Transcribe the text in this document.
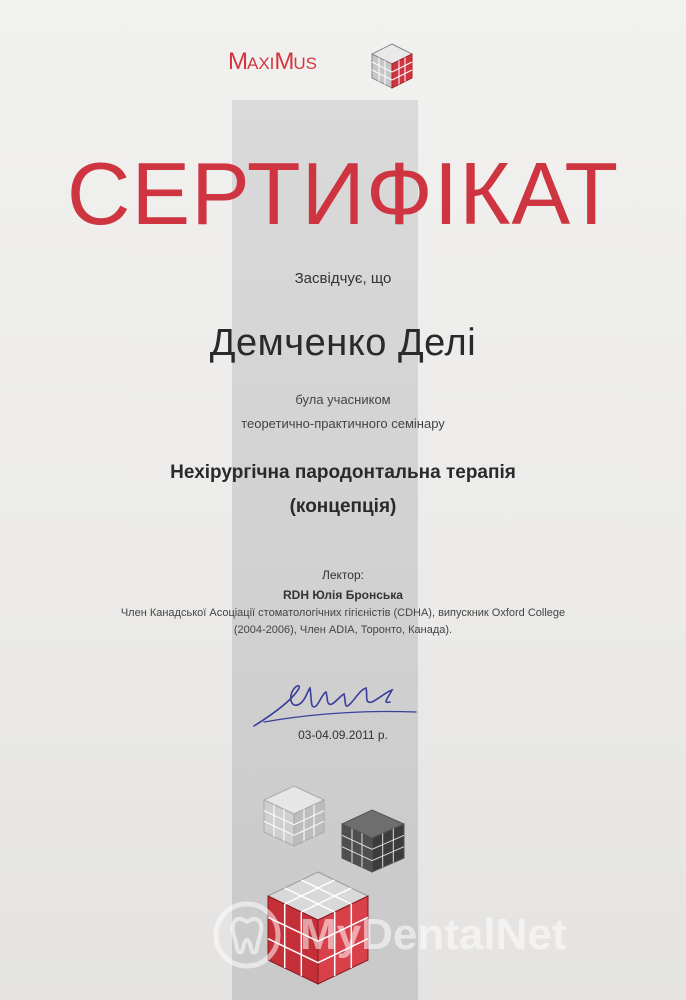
MAXIMUS
СЕРТИФІКАТ
Засвідчує, що
Демченко Делі
була учасником
теоретично-практичного семінару
Нехірургічна пародонтальна терапія
(концепція)
Лектор:
RDH Юлія Бронська
Член Канадської Асоціації стоматологічних гігієністів (CDHA), випускник Oxford College
(2004-2006), Член ADIA, Торонто, Канада).
03-04.09.2011 р.
MyDentalNet
